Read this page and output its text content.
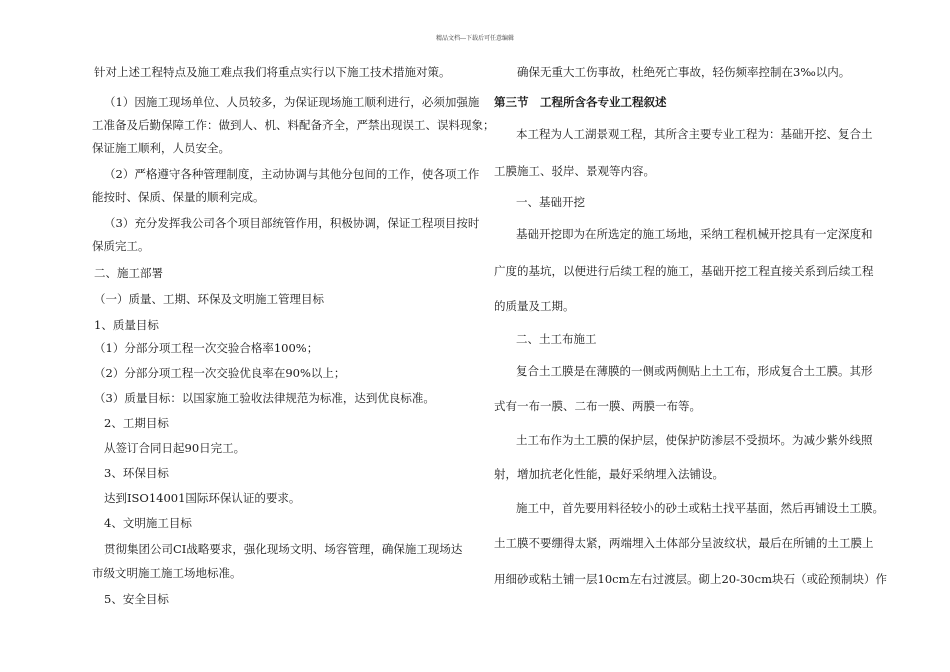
精品文档---下载后可任意编辑
针对上述工程特点及施工难点我们将重点实行以下施工技术措施对策。
（1）因施工现场单位、人员较多，为保证现场施工顺利进行，必须加强施
工准备及后勤保障工作：做到人、机、料配备齐全，严禁出现误工、误料现象；
保证施工顺利，人员安全。
（2）严格遵守各种管理制度，主动协调与其他分包间的工作，使各项工作
能按时、保质、保量的顺利完成。
（3）充分发挥我公司各个项目部统管作用，积极协调，保证工程项目按时
保质完工。
二、施工部署
（一）质量、工期、环保及文明施工管理目标
1、质量目标
（1）分部分项工程一次交验合格率100%；
（2）分部分项工程一次交验优良率在90%以上；
（3）质量目标：以国家施工验收法律规范为标准，达到优良标准。
2、工期目标
从签订合同日起90日完工。
3、环保目标
达到ISO14001国际环保认证的要求。
4、文明施工目标
贯彻集团公司CI战略要求，强化现场文明、场容管理，确保施工现场达
市级文明施工施工场地标准。
5、安全目标
确保无重大工伤事故，杜绝死亡事故，轻伤频率控制在3‰以内。
第三节　工程所含各专业工程叙述
本工程为人工湖景观工程，其所含主要专业工程为：基础开挖、复合土
工膜施工、驳岸、景观等内容。
一、基础开挖
基础开挖即为在所选定的施工场地，采纳工程机械开挖具有一定深度和
广度的基坑，以便进行后续工程的施工，基础开挖工程直接关系到后续工程
的质量及工期。
二、土工布施工
复合土工膜是在薄膜的一侧或两侧贴上土工布，形成复合土工膜。其形
式有一布一膜、二布一膜、两膜一布等。
土工布作为土工膜的保护层，使保护防渗层不受损坏。为减少紫外线照
射，增加抗老化性能，最好采纳埋入法铺设。
施工中，首先要用料径较小的砂土或粘土找平基面，然后再铺设土工膜。
土工膜不要绷得太紧，两端埋入土体部分呈波纹状，最后在所铺的土工膜上
用细砂或粘土铺一层10cm左右过渡层。砌上20-30cm块石（或砼预制块）作
